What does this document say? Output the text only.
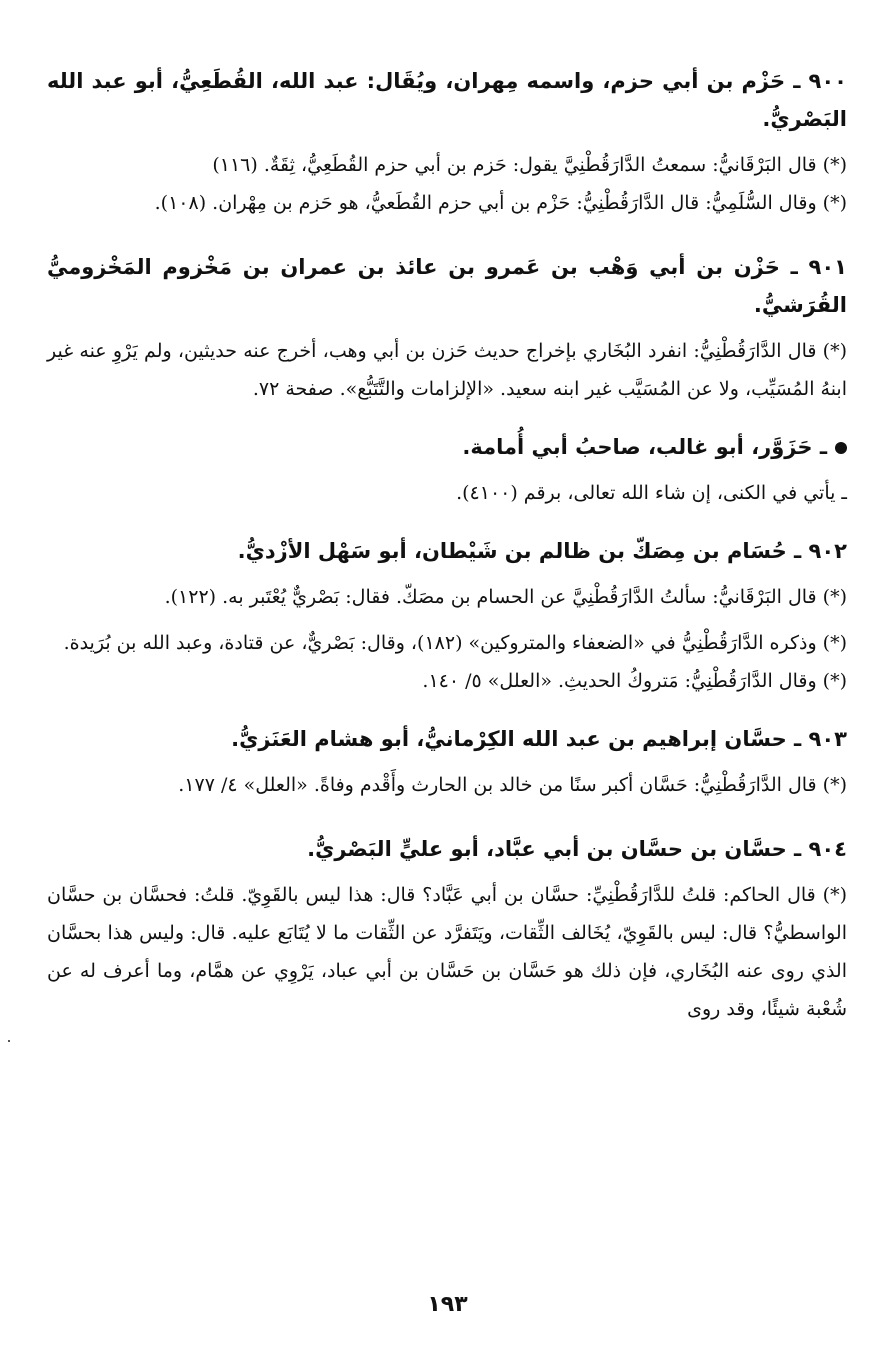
٩٠٠ ـ حَزْم بن أبي حزم، واسمه مِهران، ويُقَال: عبد الله، القُطَعِيُّ، أبو عبد الله البَصْريُّ.

(*) قال البَرْقَانيُّ: سمعتُ الدَّارَقُطْنِيَّ يقول: حَزم بن أبي حزم القُطَعِيُّ، ثِقَةٌ. (١١٦)

(*) وقال السُّلَمِيُّ: قال الدَّارَقُطْنِيُّ: حَزْم بن أبي حزم القُطَعيُّ، هو حَزم بن مِهْران. (١٠٨).

٩٠١ ـ حَزْن بن أبي وَهْب بن عَمرو بن عائذ بن عمران بن مَخْزوم المَخْزوميُّ القُرَشيُّ.

(*) قال الدَّارَقُطْنِيُّ: انفرد البُخَاري بإخراج حديث حَزن بن أبي وهب، أخرج عنه حديثين، ولم يَرْوِ عنه غير ابنهُ المُسَيِّب، ولا عن المُسَيَّب غير ابنه سعيد. «الإلزامات والتَّتَبُّع». صفحة ٧٢.

ـ حَزَوَّر، أبو غالب، صاحبُ أبي أُمامة.

ـ يأتي في الكنى، إن شاء الله تعالى، برقم (٤١٠٠).

٩٠٢ ـ حُسَام بن مِصَكّ بن ظالم بن شَيْطان، أبو سَهْل الأزْديُّ.

(*) قال البَرْقَانيُّ: سألتُ الدَّارَقُطْنِيَّ عن الحسام بن مصَكّ. فقال: بَصْريٌّ يُعْتَبر به. (١٢٢).

(*) وذكره الدَّارَقُطْنِيُّ في «الضعفاء والمتروكين» (١٨٢)، وقال: بَصْريٌّ، عن قتادة، وعبد الله بن بُرَيدة.

(*) وقال الدَّارَقُطْنِيُّ: مَتروكُ الحديثِ. «العلل» ٥/ ١٤٠.

٩٠٣ ـ حسَّان إبراهيم بن عبد الله الكِرْمانيُّ، أبو هشام العَنَزيُّ.

(*) قال الدَّارَقُطْنِيُّ: حَسَّان أكبر سنًا من خالد بن الحارث وأَقْدم وفاةً. «العلل» ٤/ ١٧٧.

٩٠٤ ـ حسَّان بن حسَّان بن أبي عبَّاد، أبو عليٍّ البَصْريُّ.

(*) قال الحاكم: قلتُ للدَّارَقُطْنِيِّ: حسَّان بن أبي عَبَّاد؟ قال: هذا ليس بالقَوِيّ. قلتُ: فحسَّان بن حسَّان الواسطيُّ؟ قال: ليس بالقَوِيّ، يُخَالف الثِّقات، ويَتَفرَّد عن الثِّقات ما لا يُتَابَع عليه. قال: وليس هذا بحسَّان الذي روى عنه البُخَاري، فإن ذلك هو حَسَّان بن حَسَّان بن أبي عباد، يَرْوِي عن همَّام، وما أعرف له عن شُعْبة شيئًا، وقد روى

١٩٣
